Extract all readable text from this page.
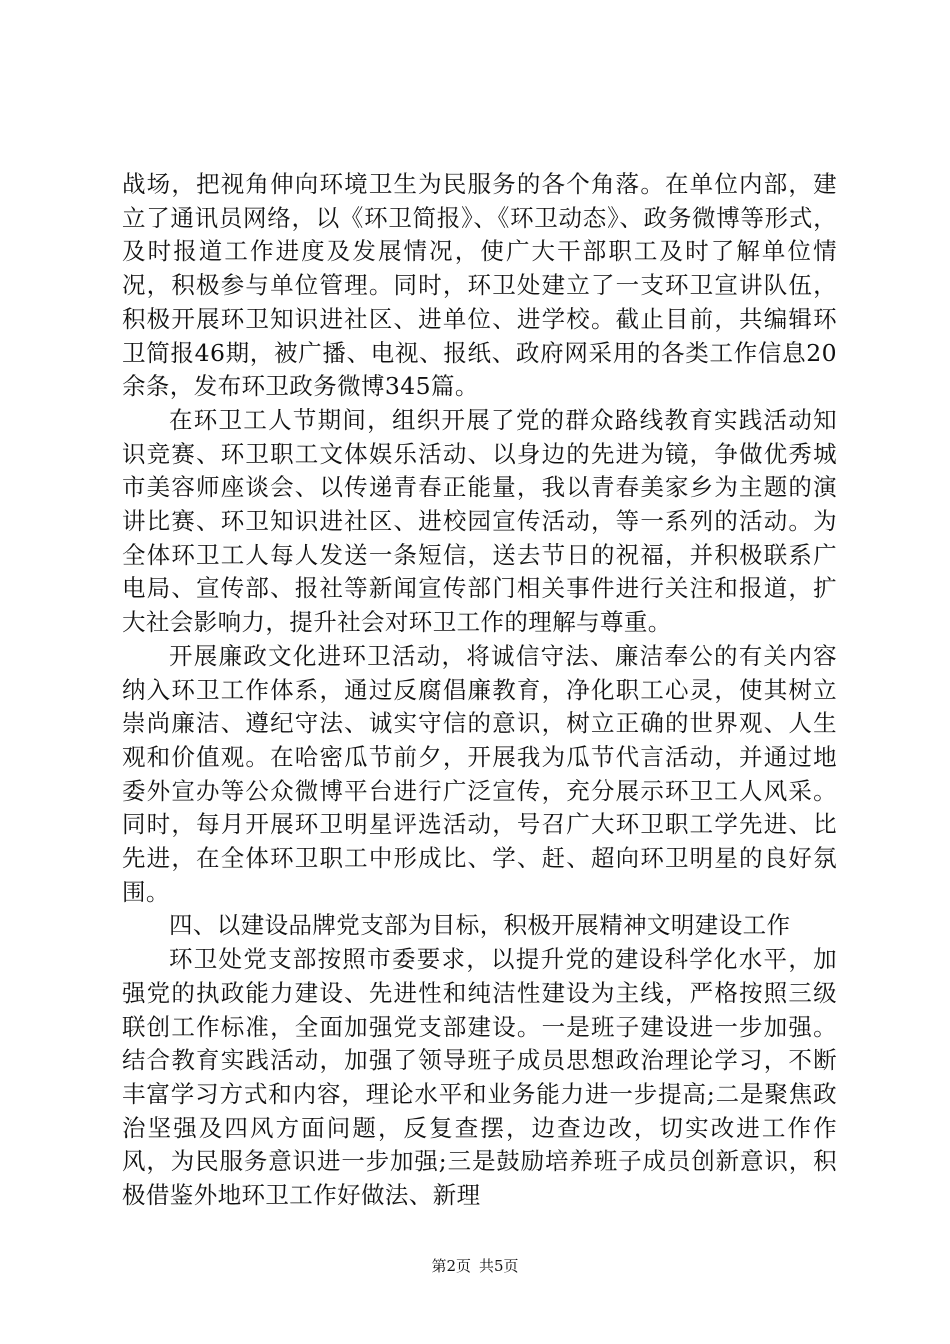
战场，把视角伸向环境卫生为民服务的各个角落。在单位内部，建立了通讯员网络，以《环卫简报》、《环卫动态》、政务微博等形式，及时报道工作进度及发展情况，使广大干部职工及时了解单位情况，积极参与单位管理。同时，环卫处建立了一支环卫宣讲队伍，积极开展环卫知识进社区、进单位、进学校。截止目前，共编辑环卫简报46期，被广播、电视、报纸、政府网采用的各类工作信息20余条，发布环卫政务微博345篇。

在环卫工人节期间，组织开展了党的群众路线教育实践活动知识竞赛、环卫职工文体娱乐活动、以身边的先进为镜，争做优秀城市美容师座谈会、以传递青春正能量，我以青春美家乡为主题的演讲比赛、环卫知识进社区、进校园宣传活动，等一系列的活动。为全体环卫工人每人发送一条短信，送去节日的祝福，并积极联系广电局、宣传部、报社等新闻宣传部门相关事件进行关注和报道，扩大社会影响力，提升社会对环卫工作的理解与尊重。

开展廉政文化进环卫活动，将诚信守法、廉洁奉公的有关内容纳入环卫工作体系，通过反腐倡廉教育，净化职工心灵，使其树立崇尚廉洁、遵纪守法、诚实守信的意识，树立正确的世界观、人生观和价值观。在哈密瓜节前夕，开展我为瓜节代言活动，并通过地委外宣办等公众微博平台进行广泛宣传，充分展示环卫工人风采。同时，每月开展环卫明星评选活动，号召广大环卫职工学先进、比先进，在全体环卫职工中形成比、学、赶、超向环卫明星的良好氛围。

四、以建设品牌党支部为目标，积极开展精神文明建设工作

环卫处党支部按照市委要求，以提升党的建设科学化水平，加强党的执政能力建设、先进性和纯洁性建设为主线，严格按照三级联创工作标准，全面加强党支部建设。一是班子建设进一步加强。结合教育实践活动，加强了领导班子成员思想政治理论学习，不断丰富学习方式和内容，理论水平和业务能力进一步提高;二是聚焦政治坚强及四风方面问题，反复查摆，边查边改，切实改进工作作风，为民服务意识进一步加强;三是鼓励培养班子成员创新意识，积极借鉴外地环卫工作好做法、新理

第2页 共5页
